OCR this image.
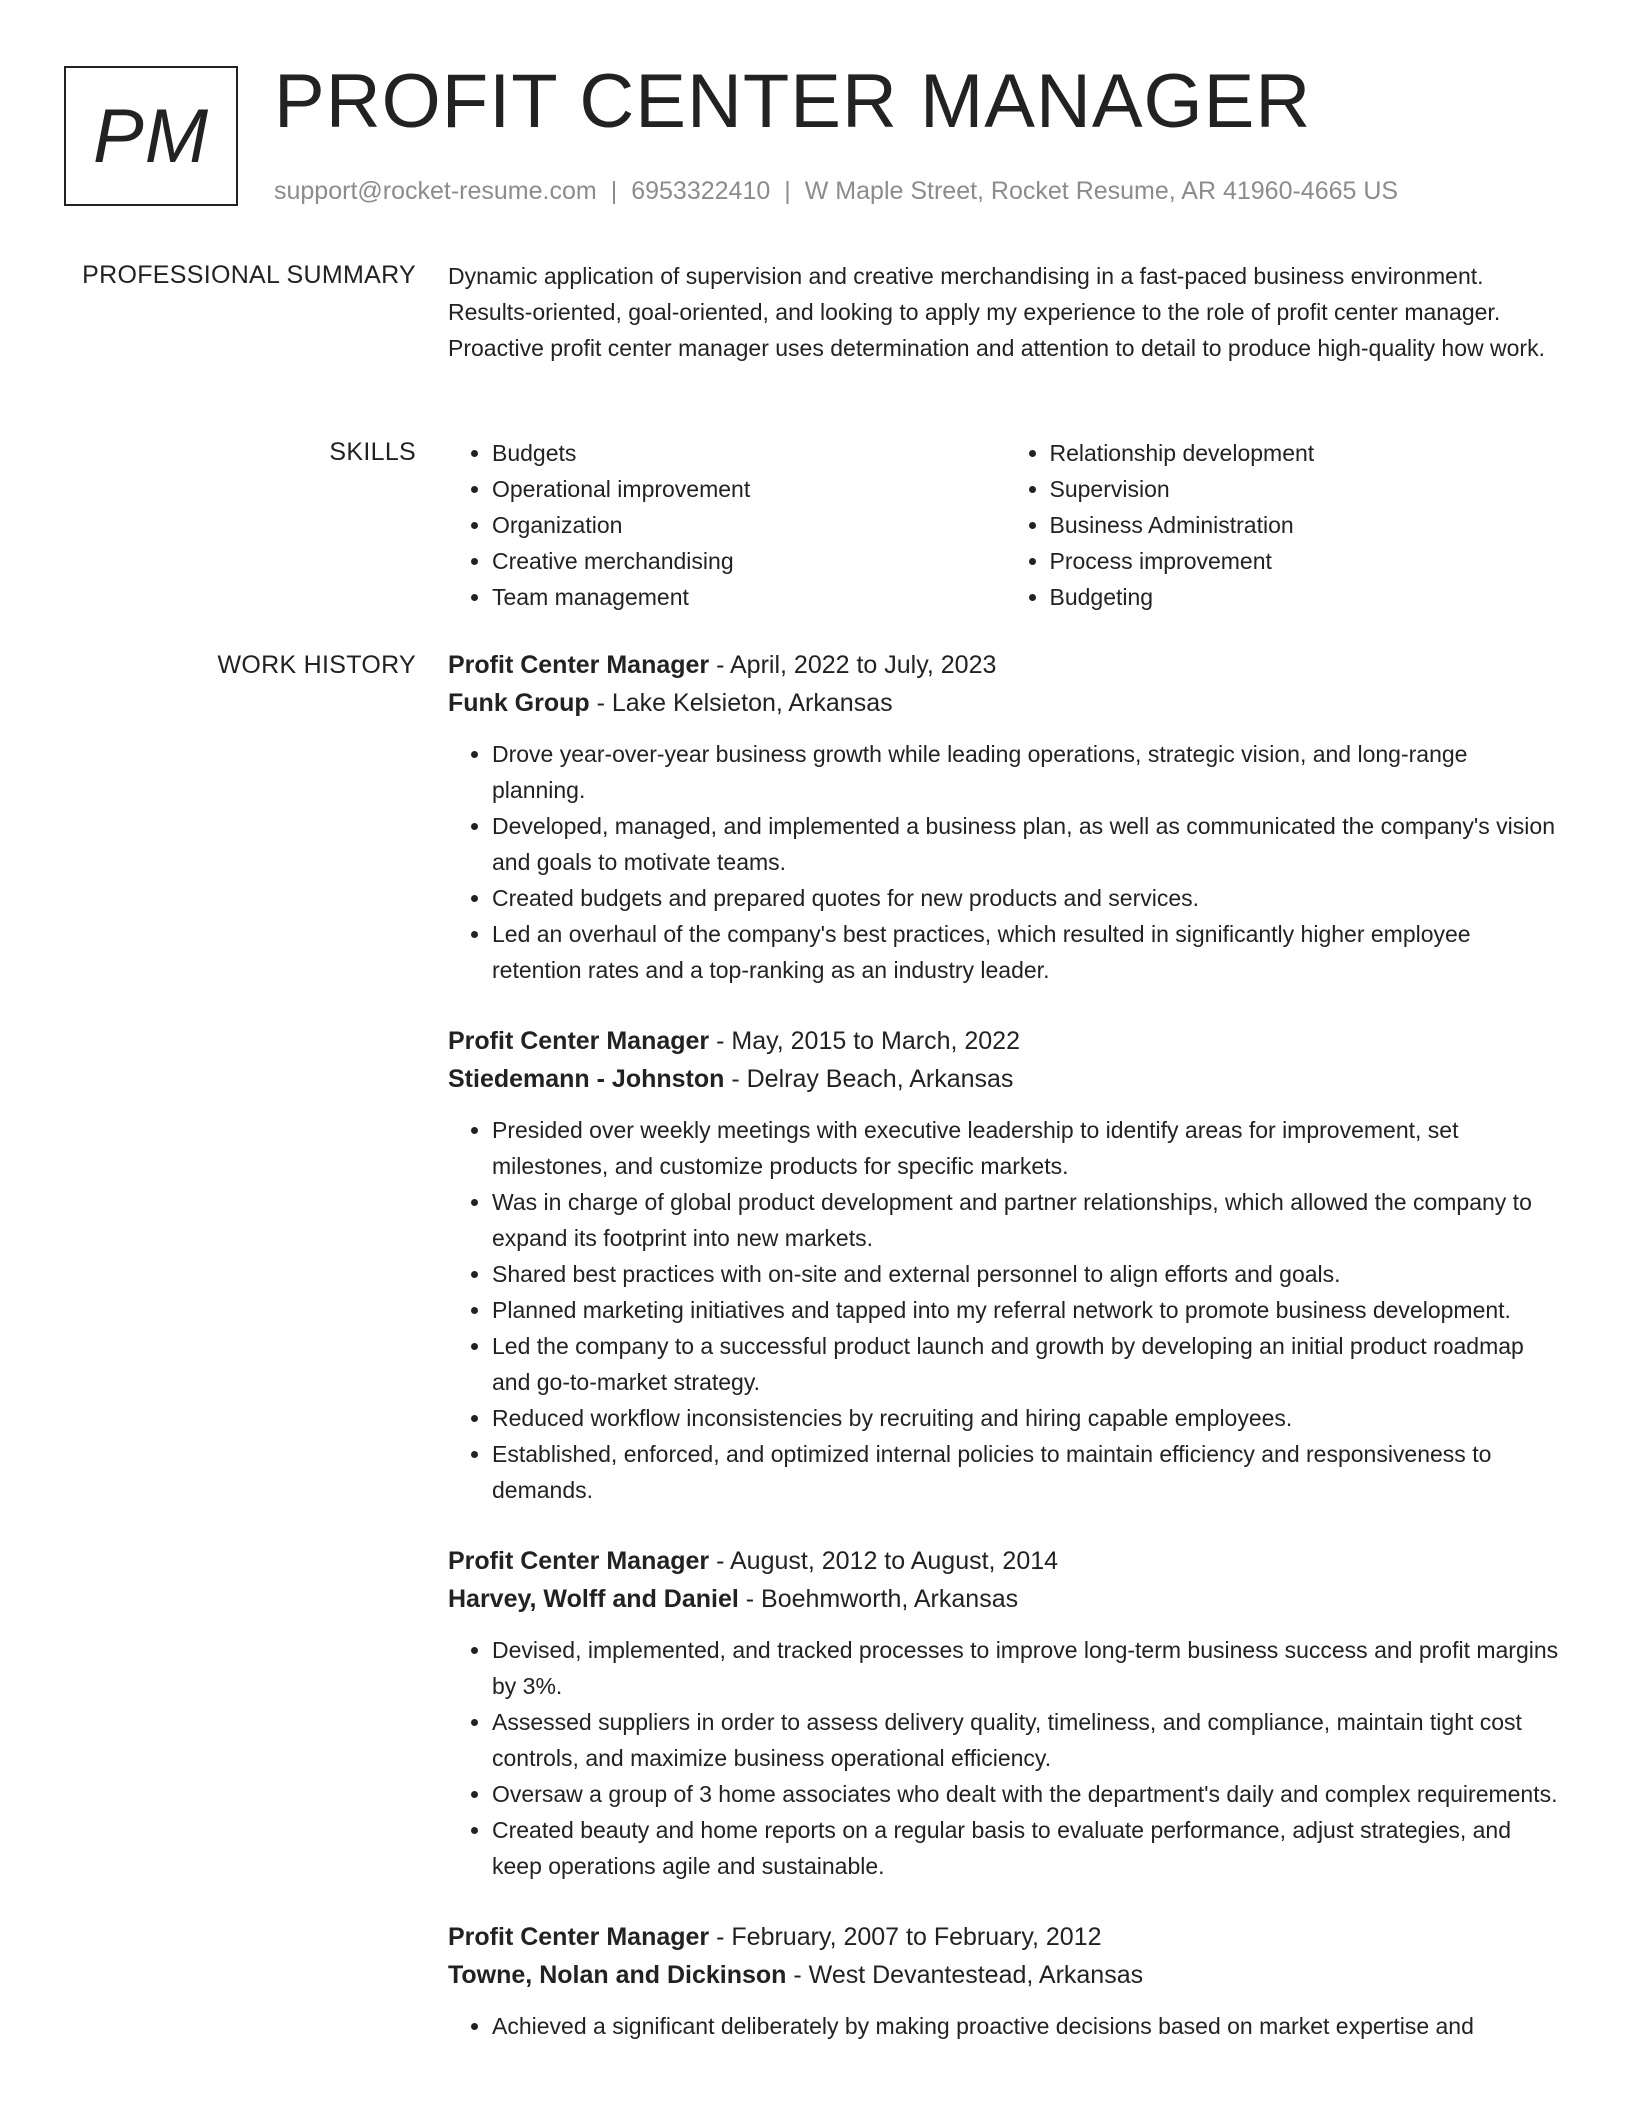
PM PROFIT CENTER MANAGER
support@rocket-resume.com | 6953322410 | W Maple Street, Rocket Resume, AR 41960-4665 US
PROFESSIONAL SUMMARY Dynamic application of supervision and creative merchandising in a fast-paced business environment. Results-oriented, goal-oriented, and looking to apply my experience to the role of profit center manager. Proactive profit center manager uses determination and attention to detail to produce high-quality how work.

SKILLS
•	Budgets
• Operational improvement
• Organization
• Creative merchandising
• Team management
• Relationship development
• Supervision
• Business Administration
• Process improvement
• Budgeting
WORK HISTORY Profit Center Manager - April, 2022 to July, 2023
Funk Group - Lake Kelsieton, Arkansas
• Drove year-over-year business growth while leading operations, strategic vision, and long-range planning.
• Developed, managed, and implemented a business plan, as well as communicated the company's vision and goals to motivate teams.
• Created budgets and prepared quotes for new products and services.
• Led an overhaul of the company's best practices, which resulted in significantly higher employee retention rates and a top-ranking as an industry leader.
Profit Center Manager - May, 2015 to March, 2022
Stiedemann - Johnston - Delray Beach, Arkansas
• Presided over weekly meetings with executive leadership to identify areas for improvement, set milestones, and customize products for specific markets.
• Was in charge of global product development and partner relationships, which allowed the company to expand its footprint into new markets.
• Shared best practices with on-site and external personnel to align efforts and goals.
• Planned marketing initiatives and tapped into my referral network to promote business development.
• Led the company to a successful product launch and growth by developing an initial product roadmap and go-to-market strategy.
• Reduced workflow inconsistencies by recruiting and hiring capable employees.
• Established, enforced, and optimized internal policies to maintain efficiency and responsiveness to demands.
Profit Center Manager - August, 2012 to August, 2014
Harvey, Wolff and Daniel - Boehmworth, Arkansas
• Devised, implemented, and tracked processes to improve long-term business success and profit margins by 3%.
• Assessed suppliers in order to assess delivery quality, timeliness, and compliance, maintain tight cost controls, and maximize business operational efficiency.
• Oversaw a group of 3 home associates who dealt with the department's daily and complex requirements.
• Created beauty and home reports on a regular basis to evaluate performance, adjust strategies, and keep operations agile and sustainable.
Profit Center Manager - February, 2007 to February, 2012
Towne, Nolan and Dickinson - West Devantestead, Arkansas
• Achieved a significant deliberately by making proactive decisions based on market expertise and
